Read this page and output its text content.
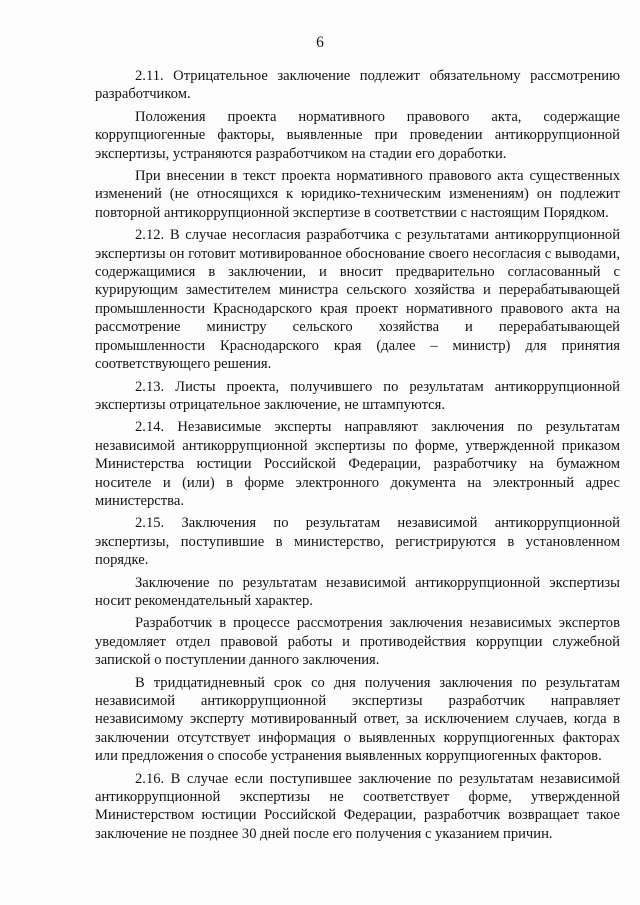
6

2.11. Отрицательное заключение подлежит обязательному рассмотрению разработчиком.

Положения проекта нормативного правового акта, содержащие коррупциогенные факторы, выявленные при проведении антикоррупционной экспертизы, устраняются разработчиком на стадии его доработки.

При внесении в текст проекта нормативного правового акта существенных изменений (не относящихся к юридико-техническим изменениям) он подлежит повторной антикоррупционной экспертизе в соответствии с настоящим Порядком.

2.12. В случае несогласия разработчика с результатами антикоррупционной экспертизы он готовит мотивированное обоснование своего несогласия с выводами, содержащимися в заключении, и вносит предварительно согласованный с курирующим заместителем министра сельского хозяйства и перерабатывающей промышленности Краснодарского края проект нормативного правового акта на рассмотрение министру сельского хозяйства и перерабатывающей промышленности Краснодарского края (далее – министр) для принятия соответствующего решения.

2.13. Листы проекта, получившего по результатам антикоррупционной экспертизы отрицательное заключение, не штампуются.

2.14. Независимые эксперты направляют заключения по результатам независимой антикоррупционной экспертизы по форме, утвержденной приказом Министерства юстиции Российской Федерации, разработчику на бумажном носителе и (или) в форме электронного документа на электронный адрес министерства.

2.15. Заключения по результатам независимой антикоррупционной экспертизы, поступившие в министерство, регистрируются в установленном порядке.

Заключение по результатам независимой антикоррупционной экспертизы носит рекомендательный характер.

Разработчик в процессе рассмотрения заключения независимых экспертов уведомляет отдел правовой работы и противодействия коррупции служебной запиской о поступлении данного заключения.

В тридцатидневный срок со дня получения заключения по результатам независимой антикоррупционной экспертизы разработчик направляет независимому эксперту мотивированный ответ, за исключением случаев, когда в заключении отсутствует информация о выявленных коррупциогенных факторах или предложения о способе устранения выявленных коррупциогенных факторов.

2.16. В случае если поступившее заключение по результатам независимой антикоррупционной экспертизы не соответствует форме, утвержденной Министерством юстиции Российской Федерации, разработчик возвращает такое заключение не позднее 30 дней после его получения с указанием причин.
